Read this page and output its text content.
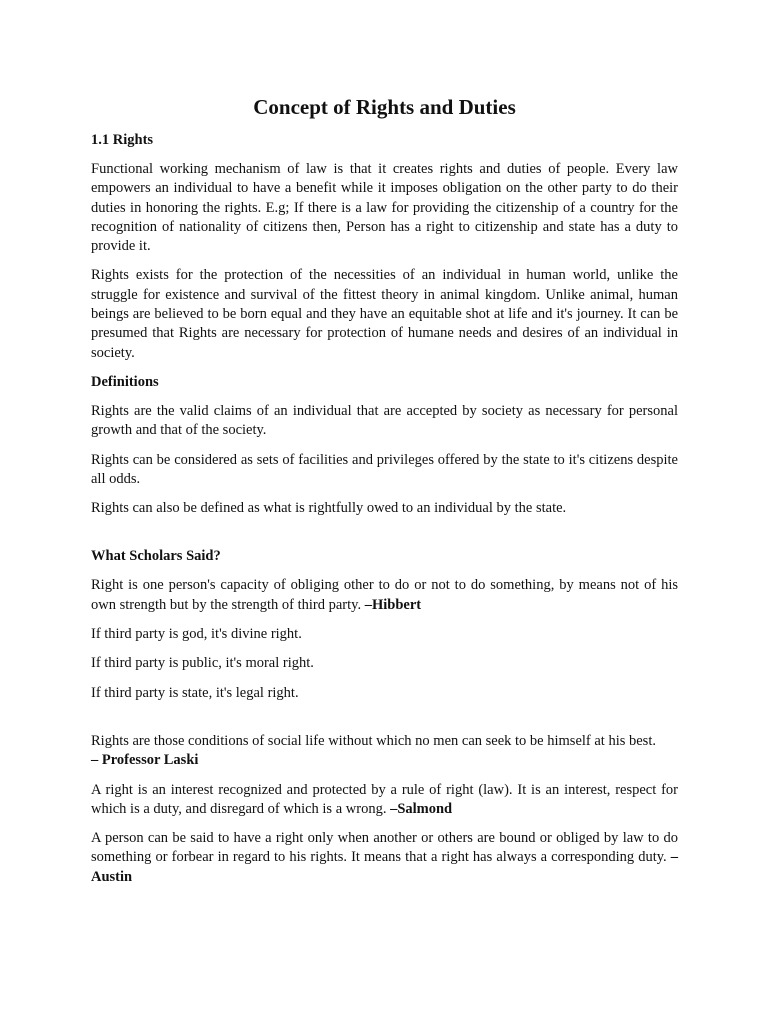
Concept of Rights and Duties
1.1 Rights

Functional working mechanism of law is that it creates rights and duties of people. Every law empowers an individual to have a benefit while it imposes obligation on the other party to do their duties in honoring the rights. E.g; If there is a law for providing the citizenship of a country for the recognition of nationality of citizens then, Person has a right to citizenship and state has a duty to provide it.

Rights exists for the protection of the necessities of an individual in human world, unlike the struggle for existence and survival of the fittest theory in animal kingdom. Unlike animal, human beings are believed to be born equal and they have an equitable shot at life and it's journey. It can be presumed that Rights are necessary for protection of humane needs and desires of an individual in society.

Definitions

Rights are the valid claims of an individual that are accepted by society as necessary for personal growth and that of the society.

Rights can be considered as sets of facilities and privileges offered by the state to it's citizens despite all odds.

Rights can also be defined as what is rightfully owed to an individual by the state.

What Scholars Said?

Right is one person's capacity of obliging other to do or not to do something, by means not of his own strength but by the strength of third party. –Hibbert

If third party is god, it's divine right.

If third party is public, it's moral right.

If third party is state, it's legal right.

Rights are those conditions of social life without which no men can seek to be himself at his best.
– Professor Laski

A right is an interest recognized and protected by a rule of right (law). It is an interest, respect for which is a duty, and disregard of which is a wrong. –Salmond

A person can be said to have a right only when another or others are bound or obliged by law to do something or forbear in regard to his rights. It means that a right has always a corresponding duty. –Austin
